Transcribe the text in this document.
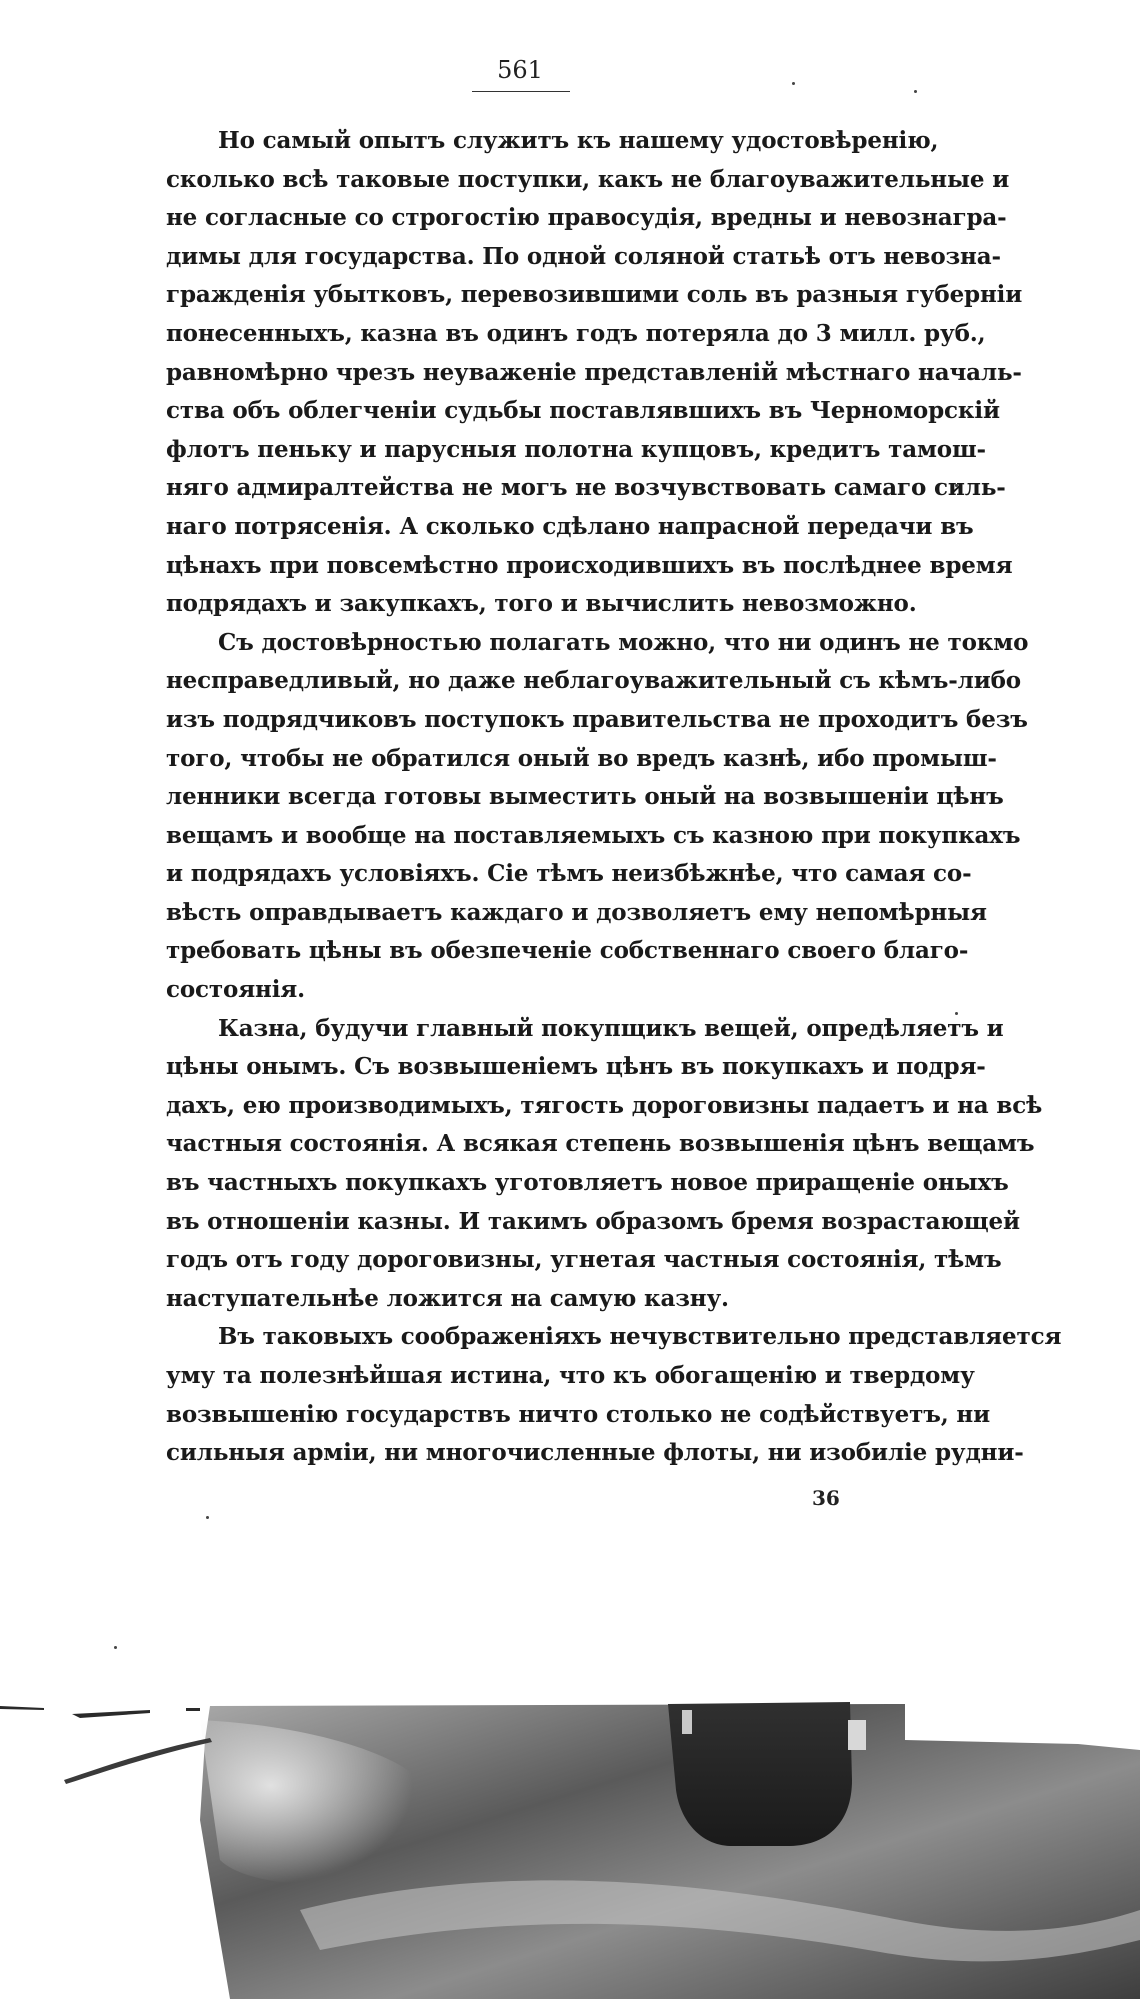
561
Но самый опытъ служитъ къ нашему удостовѣренію,
сколько всѣ таковые поступки, какъ не благоуважительные и
не согласные со строгостію правосудія, вредны и невознагра-
димы для государства. По одной соляной статьѣ отъ невозна-
гражденія убытковъ, перевозившими соль въ разныя губерніи
понесенныхъ, казна въ одинъ годъ потеряла до 3 милл. руб.,
равномѣрно чрезъ неуваженіе представленій мѣстнаго началь-
ства объ облегченіи судьбы поставлявшихъ въ Черноморскій
флотъ пеньку и парусныя полотна купцовъ, кредитъ тамош-
няго адмиралтейства не могъ не возчувствовать самаго силь-
наго потрясенія. А сколько сдѣлано напрасной передачи въ
цѣнахъ при повсемѣстно происходившихъ въ послѣднее время
подрядахъ и закупкахъ, того и вычислить невозможно.
Съ достовѣрностью полагать можно, что ни одинъ не токмо
несправедливый, но даже неблагоуважительный съ кѣмъ-либо
изъ подрядчиковъ поступокъ правительства не проходитъ безъ
того, чтобы не обратился оный во вредъ казнѣ, ибо промыш-
ленники всегда готовы выместить оный на возвышеніи цѣнъ
вещамъ и вообще на поставляемыхъ съ казною при покупкахъ
и подрядахъ условіяхъ. Сіе тѣмъ неизбѣжнѣе, что самая со-
вѣсть оправдываетъ каждаго и дозволяетъ ему непомѣрныя
требовать цѣны въ обезпеченіе собственнаго своего благо-
состоянія.
Казна, будучи главный покупщикъ вещей, опредѣляетъ и
цѣны онымъ. Съ возвышеніемъ цѣнъ въ покупкахъ и подря-
дахъ, ею производимыхъ, тягость дороговизны падаетъ и на всѣ
частныя состоянія. А всякая степень возвышенія цѣнъ вещамъ
въ частныхъ покупкахъ уготовляетъ новое приращеніе оныхъ
въ отношеніи казны. И такимъ образомъ бремя возрастающей
годъ отъ году дороговизны, угнетая частныя состоянія, тѣмъ
наступательнѣе ложится на самую казну.
Въ таковыхъ соображеніяхъ нечувствительно представляется
уму та полезнѣйшая истина, что къ обогащенію и твердому
возвышенію государствъ ничто столько не содѣйствуетъ, ни
сильныя арміи, ни многочисленные флоты, ни изобиліе рудни-
36
